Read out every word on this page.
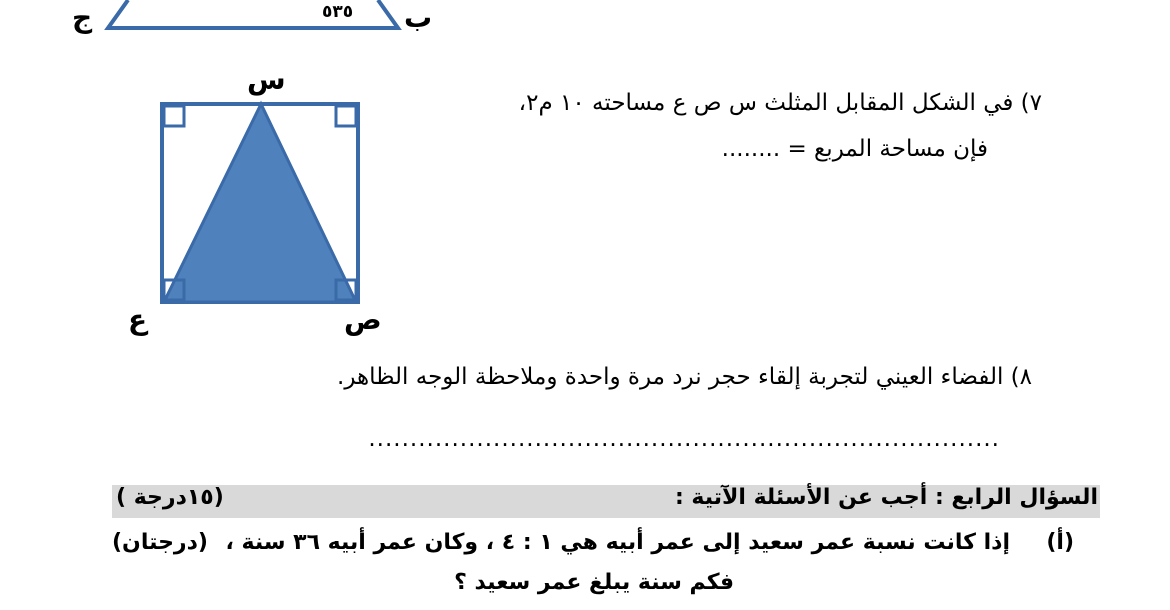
ج	ب
٥٣٥
س
ع	ص
٧) في الشكل المقابل المثلث س ص ع مساحته ١٠ م٢،
فإن مساحة المربع = ........
٨) الفضاء العيني لتجربة إلقاء حجر نرد مرة واحدة وملاحظة الوجه الظاهر.
............................................................................
السؤال الرابع : أجب عن الأسئلة الآتية :
(١٥درجة )
(أ)
إذا كانت نسبة عمر سعيد إلى عمر أبيه هي ١ : ٤ ، وكان عمر أبيه ٣٦ سنة ،
(درجتان)
فكم سنة يبلغ عمر سعيد ؟
